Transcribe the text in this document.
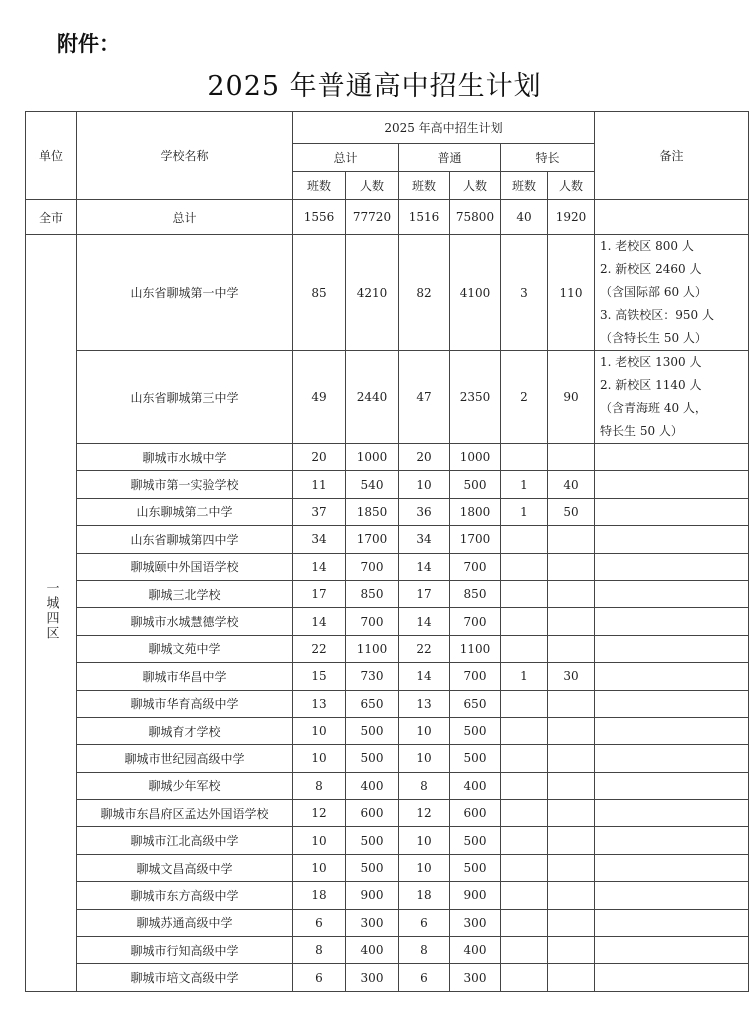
附件：
2025 年普通高中招生计划
单位	学校名称	2025 年高中招生计划						备注
		总计		普通		特长		
		班数	人数	班数	人数	班数	人数	
全市	总计	1556	77720	1516	75800	40	1920	
一城四区	山东省聊城第一中学	85	4210	82	4100	3	110	1. 老校区 800 人
2. 新校区 2460 人
（含国际部 60 人）
3. 高铁校区：950 人
（含特长生 50 人）

	山东省聊城第三中学	49	2440	47	2350	2	90	1. 老校区 1300 人
2. 新校区 1140 人
（含青海班 40 人，
特长生 50 人）

	聊城市水城中学	20	1000	20	1000			
	聊城市第一实验学校	11	540	10	500	1	40	
	山东聊城第二中学	37	1850	36	1800	1	50	
	山东省聊城第四中学	34	1700	34	1700			
	聊城颐中外国语学校	14	700	14	700			
	聊城三北学校	17	850	17	850			
	聊城市水城慧德学校	14	700	14	700			
	聊城文苑中学	22	1100	22	1100			
	聊城市华昌中学	15	730	14	700	1	30	
	聊城市华育高级中学	13	650	13	650			
	聊城育才学校	10	500	10	500			
	聊城市世纪园高级中学	10	500	10	500			
	聊城少年军校	8	400	8	400			
	聊城市东昌府区孟达外国语学校	12	600	12	600			
	聊城市江北高级中学	10	500	10	500			
	聊城文昌高级中学	10	500	10	500			
	聊城市东方高级中学	18	900	18	900			
	聊城苏通高级中学	6	300	6	300			
	聊城市行知高级中学	8	400	8	400			
	聊城市培文高级中学	6	300	6	300			
